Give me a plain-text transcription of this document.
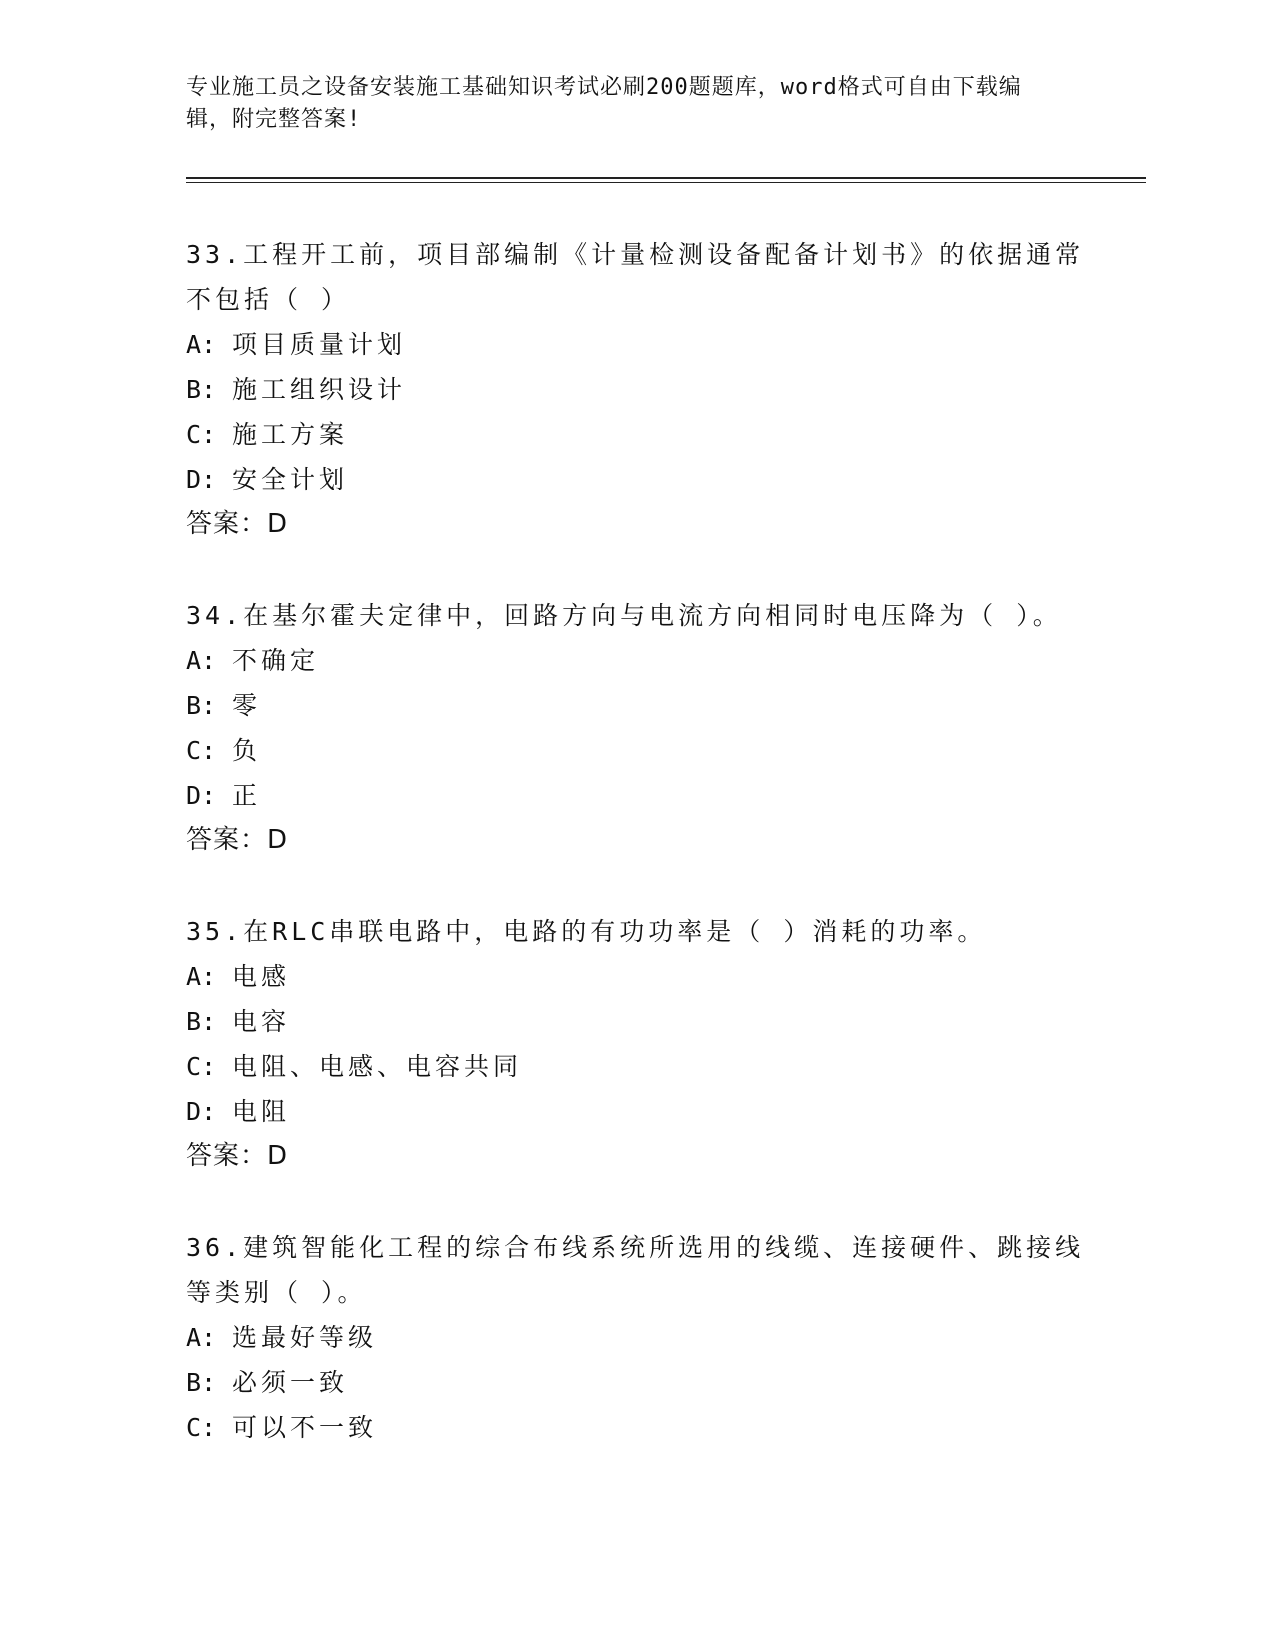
专业施工员之设备安装施工基础知识考试必刷200题题库，word格式可自由下载编辑，附完整答案!

33.工程开工前，项目部编制《计量检测设备配备计划书》的依据通常不包括（ ）

A: 项目质量计划

B: 施工组织设计

C: 施工方案

D: 安全计划

答案：D

34.在基尔霍夫定律中，回路方向与电流方向相同时电压降为（ ）。

A: 不确定

B: 零

C: 负

D: 正

答案：D

35.在RLC串联电路中，电路的有功功率是（ ）消耗的功率。

A: 电感

B: 电容

C: 电阻、电感、电容共同

D: 电阻

答案：D

36.建筑智能化工程的综合布线系统所选用的线缆、连接硬件、跳接线等类别（ ）。

A: 选最好等级

B: 必须一致

C: 可以不一致
